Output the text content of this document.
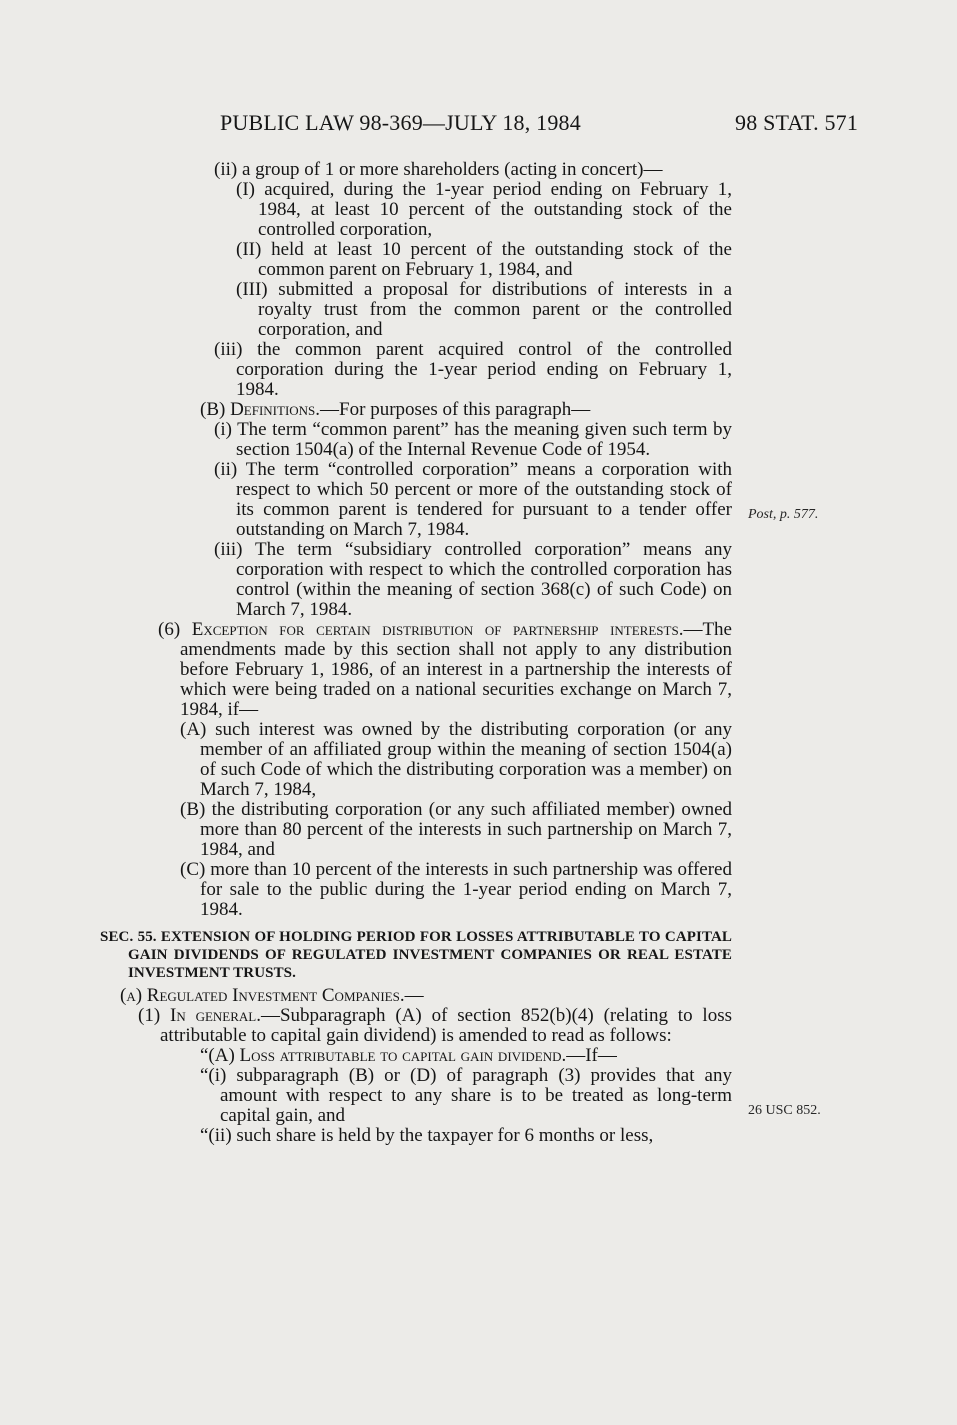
PUBLIC LAW 98-369—JULY 18, 1984	98 STAT. 571

(ii) a group of 1 or more shareholders (acting in concert)—

(I) acquired, during the 1-year period ending on February 1, 1984, at least 10 percent of the outstanding stock of the controlled corporation,

(II) held at least 10 percent of the outstanding stock of the common parent on February 1, 1984, and

(III) submitted a proposal for distributions of interests in a royalty trust from the common parent or the controlled corporation, and

(iii) the common parent acquired control of the controlled corporation during the 1-year period ending on February 1, 1984.

(B) Definitions.—For purposes of this paragraph—

(i) The term “common parent” has the meaning given such term by section 1504(a) of the Internal Revenue Code of 1954.

(ii) The term “controlled corporation” means a corporation with respect to which 50 percent or more of the outstanding stock of its common parent is tendered for pursuant to a tender offer outstanding on March 7, 1984.

(iii) The term “subsidiary controlled corporation” means any corporation with respect to which the controlled corporation has control (within the meaning of section 368(c) of such Code) on March 7, 1984.

(6) Exception for certain distribution of partnership interests.—The amendments made by this section shall not apply to any distribution before February 1, 1986, of an interest in a partnership the interests of which were being traded on a national securities exchange on March 7, 1984, if—

(A) such interest was owned by the distributing corporation (or any member of an affiliated group within the meaning of section 1504(a) of such Code of which the distributing corporation was a member) on March 7, 1984,

(B) the distributing corporation (or any such affiliated member) owned more than 80 percent of the interests in such partnership on March 7, 1984, and

(C) more than 10 percent of the interests in such partnership was offered for sale to the public during the 1-year period ending on March 7, 1984.

SEC. 55. EXTENSION OF HOLDING PERIOD FOR LOSSES ATTRIBUTABLE TO CAPITAL GAIN DIVIDENDS OF REGULATED INVESTMENT COMPANIES OR REAL ESTATE INVESTMENT TRUSTS.

(a) Regulated Investment Companies.—

(1) In general.—Subparagraph (A) of section 852(b)(4) (relating to loss attributable to capital gain dividend) is amended to read as follows:

“(A) Loss attributable to capital gain dividend.—If—

“(i) subparagraph (B) or (D) of paragraph (3) provides that any amount with respect to any share is to be treated as long-term capital gain, and

“(ii) such share is held by the taxpayer for 6 months or less,

Post, p. 577.
26 USC 852.
